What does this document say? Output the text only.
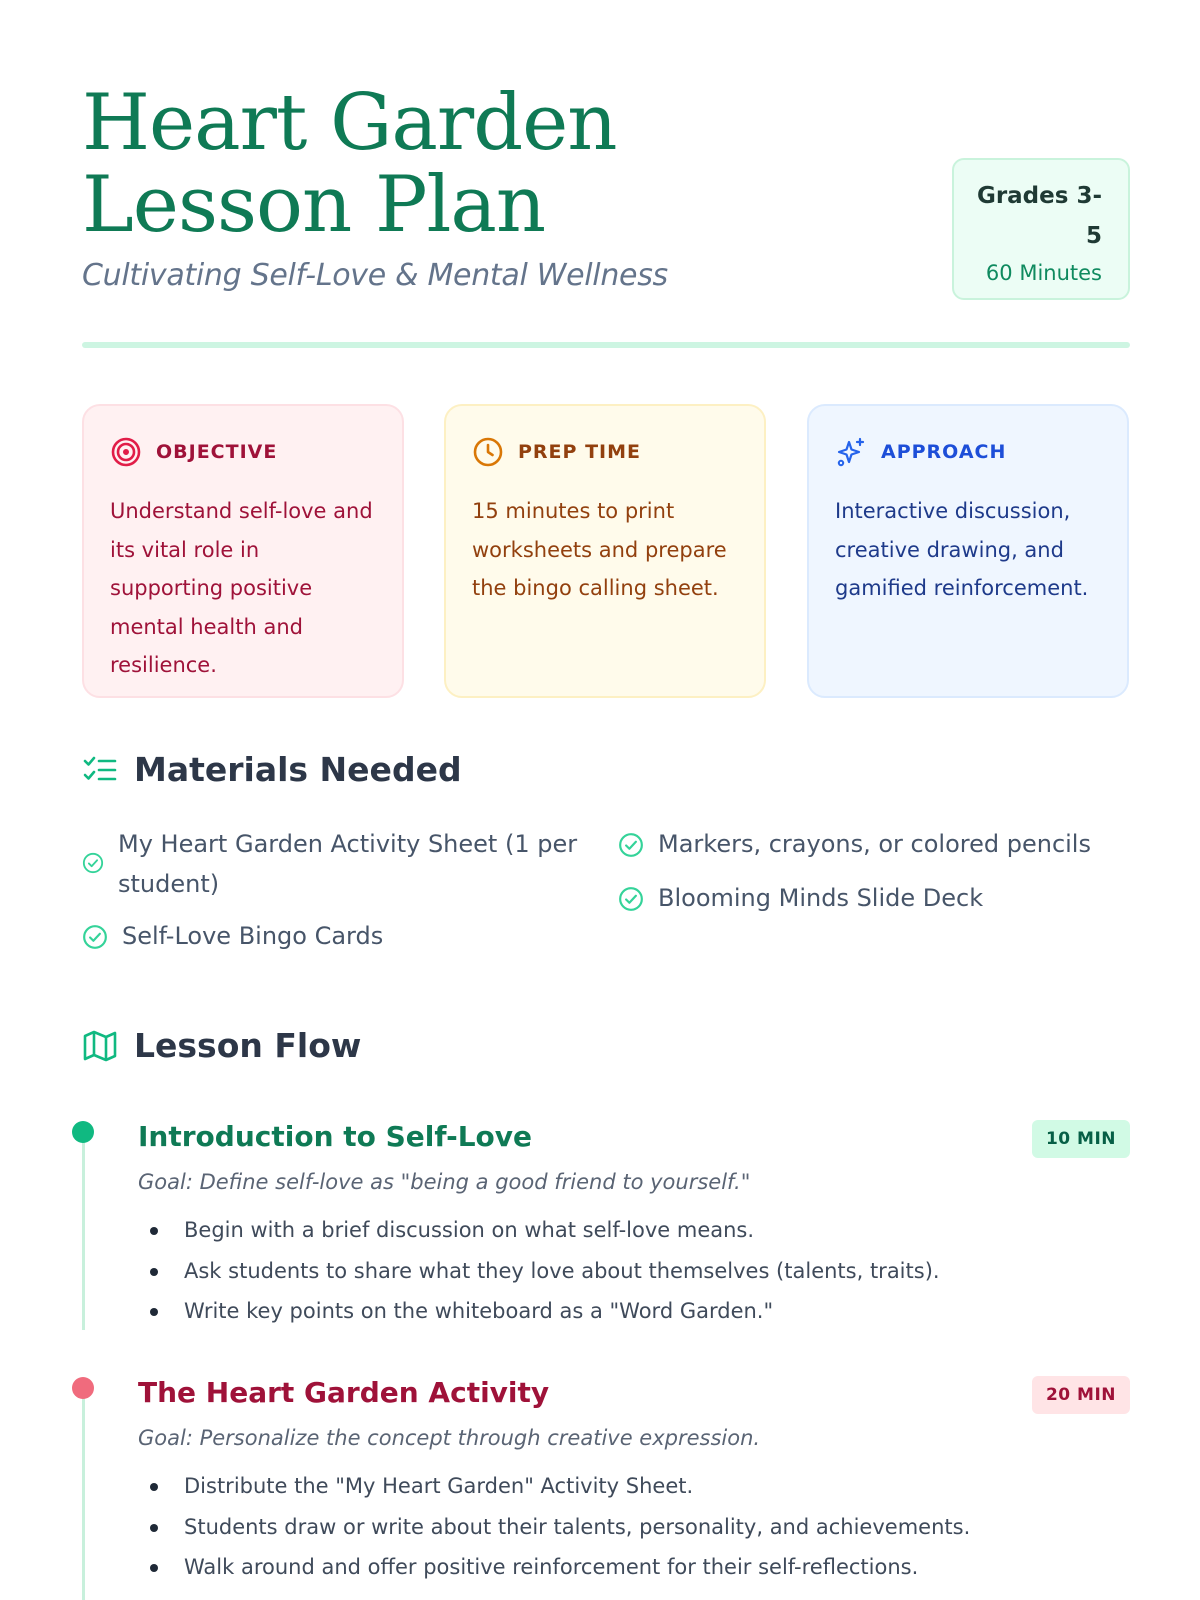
Heart Garden Lesson Plan
Cultivating Self-Love & Mental Wellness
Grades 3-5
60 Minutes
OBJECTIVE
Understand self-love and its vital role in supporting positive mental health and resilience.
PREP TIME
15 minutes to print worksheets and prepare the bingo calling sheet.
APPROACH
Interactive discussion, creative drawing, and gamified reinforcement.
Materials Needed
My Heart Garden Activity Sheet (1 per student)
Markers, crayons, or colored pencils
Self-Love Bingo Cards
Blooming Minds Slide Deck
Lesson Flow
Introduction to Self-Love	10 MIN
Goal: Define self-love as "being a good friend to yourself."
Begin with a brief discussion on what self-love means.
Ask students to share what they love about themselves (talents, traits).
Write key points on the whiteboard as a "Word Garden."
The Heart Garden Activity	20 MIN
Goal: Personalize the concept through creative expression.
Distribute the "My Heart Garden" Activity Sheet.
Students draw or write about their talents, personality, and achievements.
Walk around and offer positive reinforcement for their self-reflections.
